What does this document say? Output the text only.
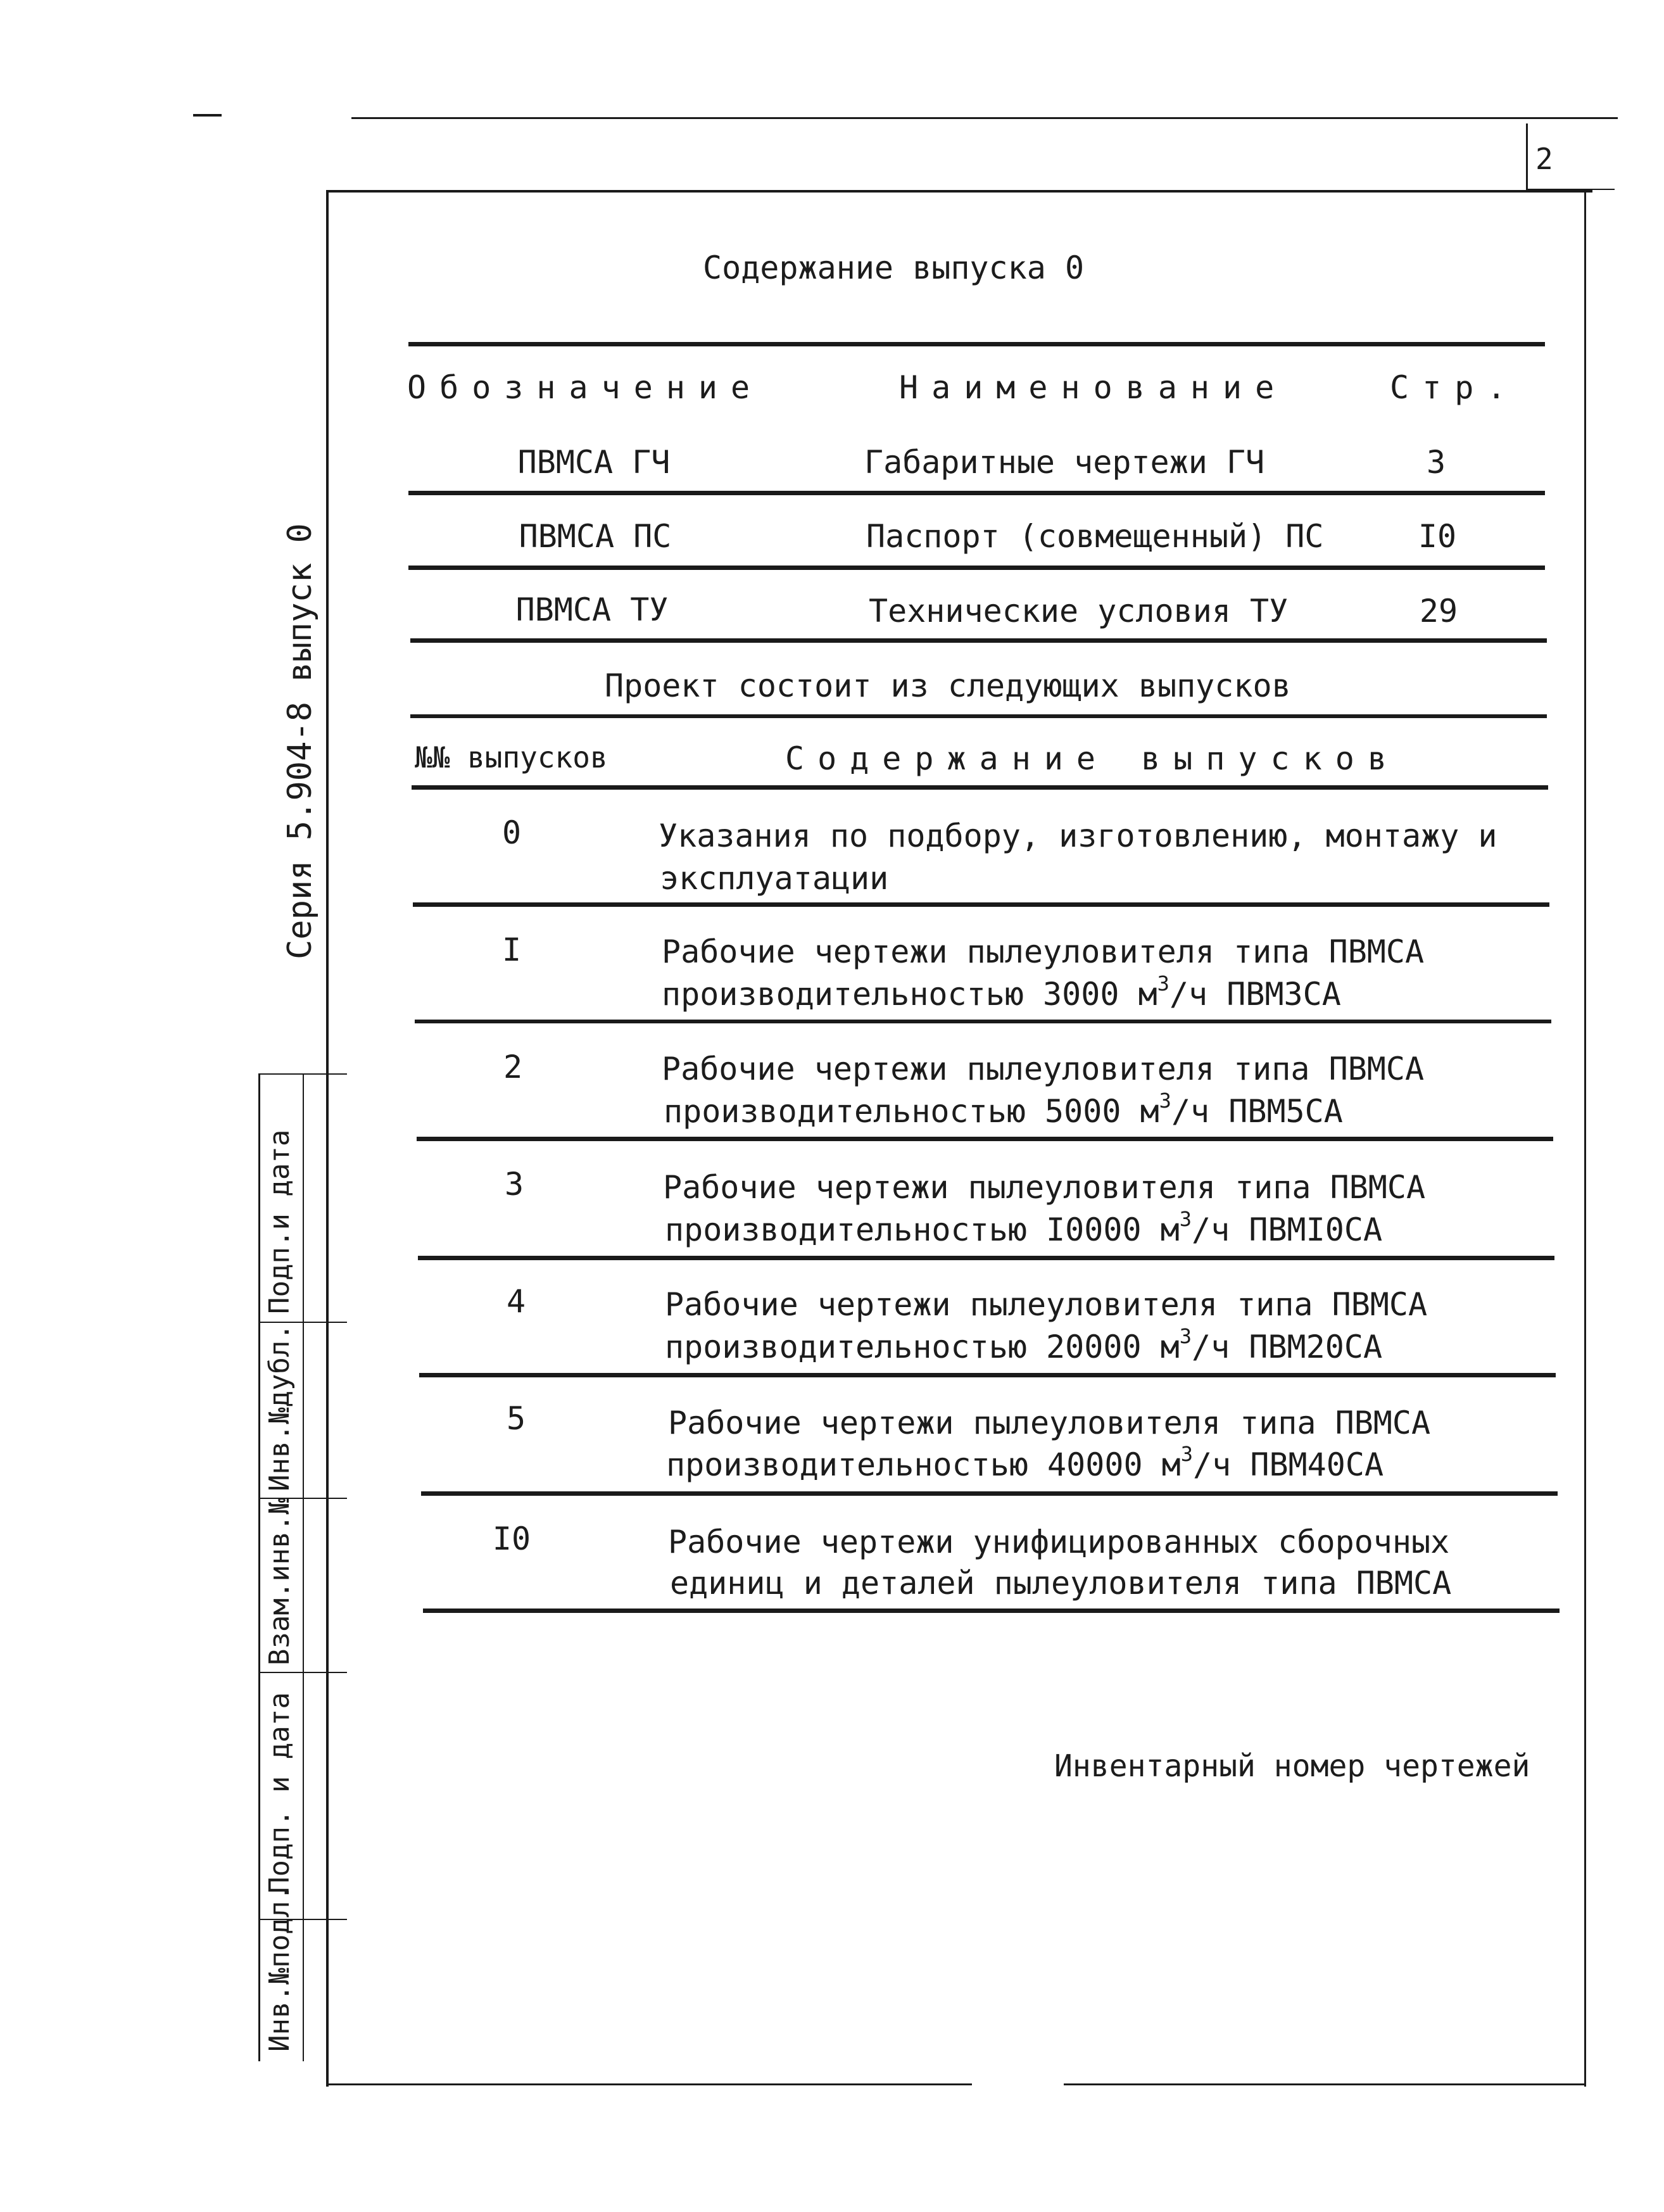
2
Содержание выпуска 0
Обозначение	Наименование	Стр.
ПВМСА ГЧ	Габаритные чертежи ГЧ	3
ПВМСА ПС	Паспорт (совмещенный) ПС	I0
ПВМСА ТУ	Технические условия ТУ	29
Проект состоит из следующих выпусков
№№ выпусков	Содержание выпусков
0	Указания по подбору, изготовлению, монтажу и
эксплуатации
I	Рабочие чертежи пылеуловителя типа ПВМСА
производительностью 3000 $м^3/ч$ ПВМ3СА
2	Рабочие чертежи пылеуловителя типа ПВМСА
производительностью 5000 $м^3/ч$ ПВМ5СА
3	Рабочие чертежи пылеуловителя типа ПВМСА
производительностью I0000 $м^3/ч$ ПВМI0СА
4	Рабочие чертежи пылеуловителя типа ПВМСА
производительностью 20000 $м^3/ч$ ПВМ20СА
5	Рабочие чертежи пылеуловителя типа ПВМСА
производительностью 40000 $м^3/ч$ ПВМ40СА
I0	Рабочие чертежи унифицированных сборочных
единиц и деталей пылеуловителя типа ПВМСА
Инвентарный номер чертежей
Серия 5.904-8 выпуск 0
Инв.№подл.
Подп. и дата
Взам.инв.№
Инв.№дубл.
Подп.и дата
